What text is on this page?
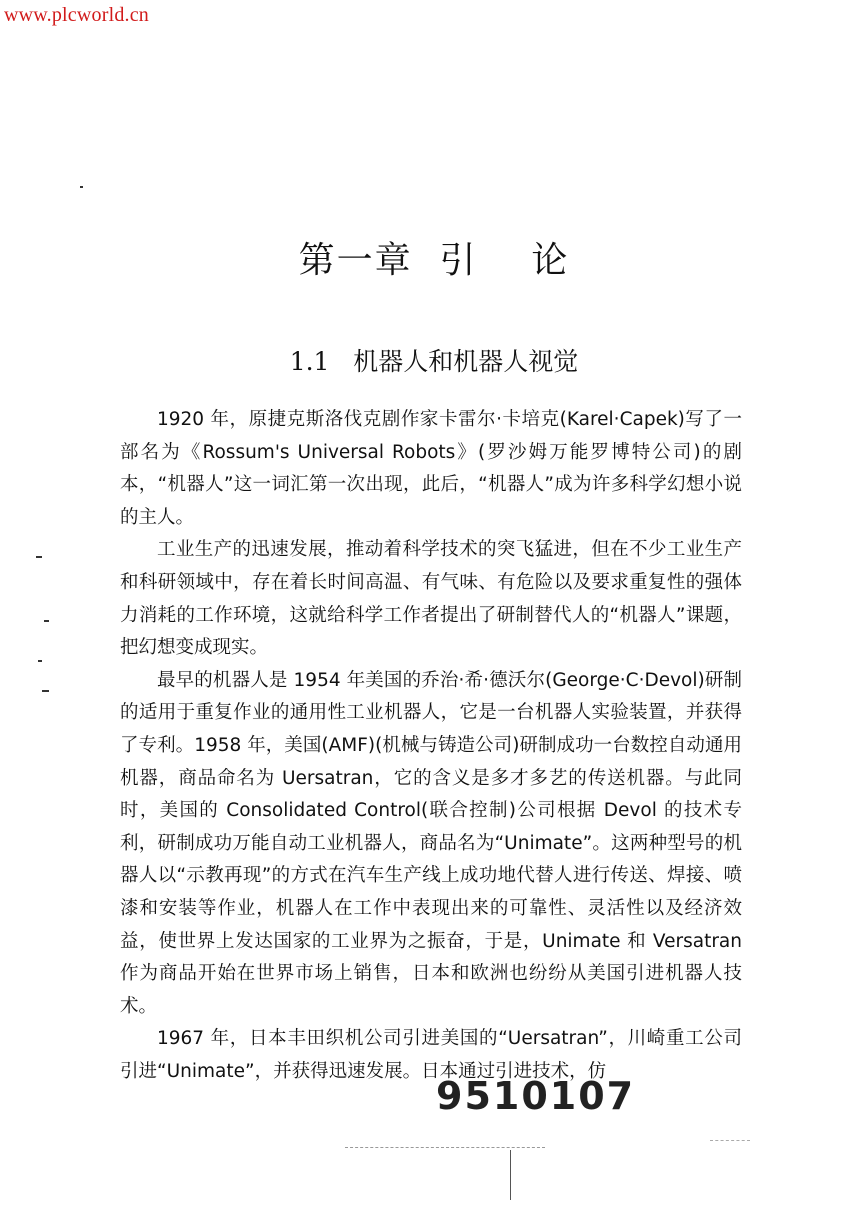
www.plcworld.cn
第一章  引    论
1.1   机器人和机器人视觉

1920 年，原捷克斯洛伐克剧作家卡雷尔·卡培克(Karel·Capek)写了一部名为《Rossum's Universal Robots》(罗沙姆万能罗博特公司)的剧本，“机器人”这一词汇第一次出现，此后，“机器人”成为许多科学幻想小说的主人。

工业生产的迅速发展，推动着科学技术的突飞猛进，但在不少工业生产和科研领域中，存在着长时间高温、有气味、有危险以及要求重复性的强体力消耗的工作环境，这就给科学工作者提出了研制替代人的“机器人”课题，把幻想变成现实。

最早的机器人是 1954 年美国的乔治·希·德沃尔(George·C·Devol)研制的适用于重复作业的通用性工业机器人，它是一台机器人实验装置，并获得了专利。1958 年，美国(AMF)(机械与铸造公司)研制成功一台数控自动通用机器，商品命名为 Uersatran，它的含义是多才多艺的传送机器。与此同时，美国的 Consolidated Control(联合控制)公司根据 Devol 的技术专利，研制成功万能自动工业机器人，商品名为“Unimate”。这两种型号的机器人以“示教再现”的方式在汽车生产线上成功地代替人进行传送、焊接、喷漆和安装等作业，机器人在工作中表现出来的可靠性、灵活性以及经济效益，使世界上发达国家的工业界为之振奋，于是，Unimate 和 Versatran 作为商品开始在世界市场上销售，日本和欧洲也纷纷从美国引进机器人技术。

1967 年，日本丰田织机公司引进美国的“Uersatran”，川崎重工公司引进“Unimate”，并获得迅速发展。日本通过引进技术，仿

9510107
